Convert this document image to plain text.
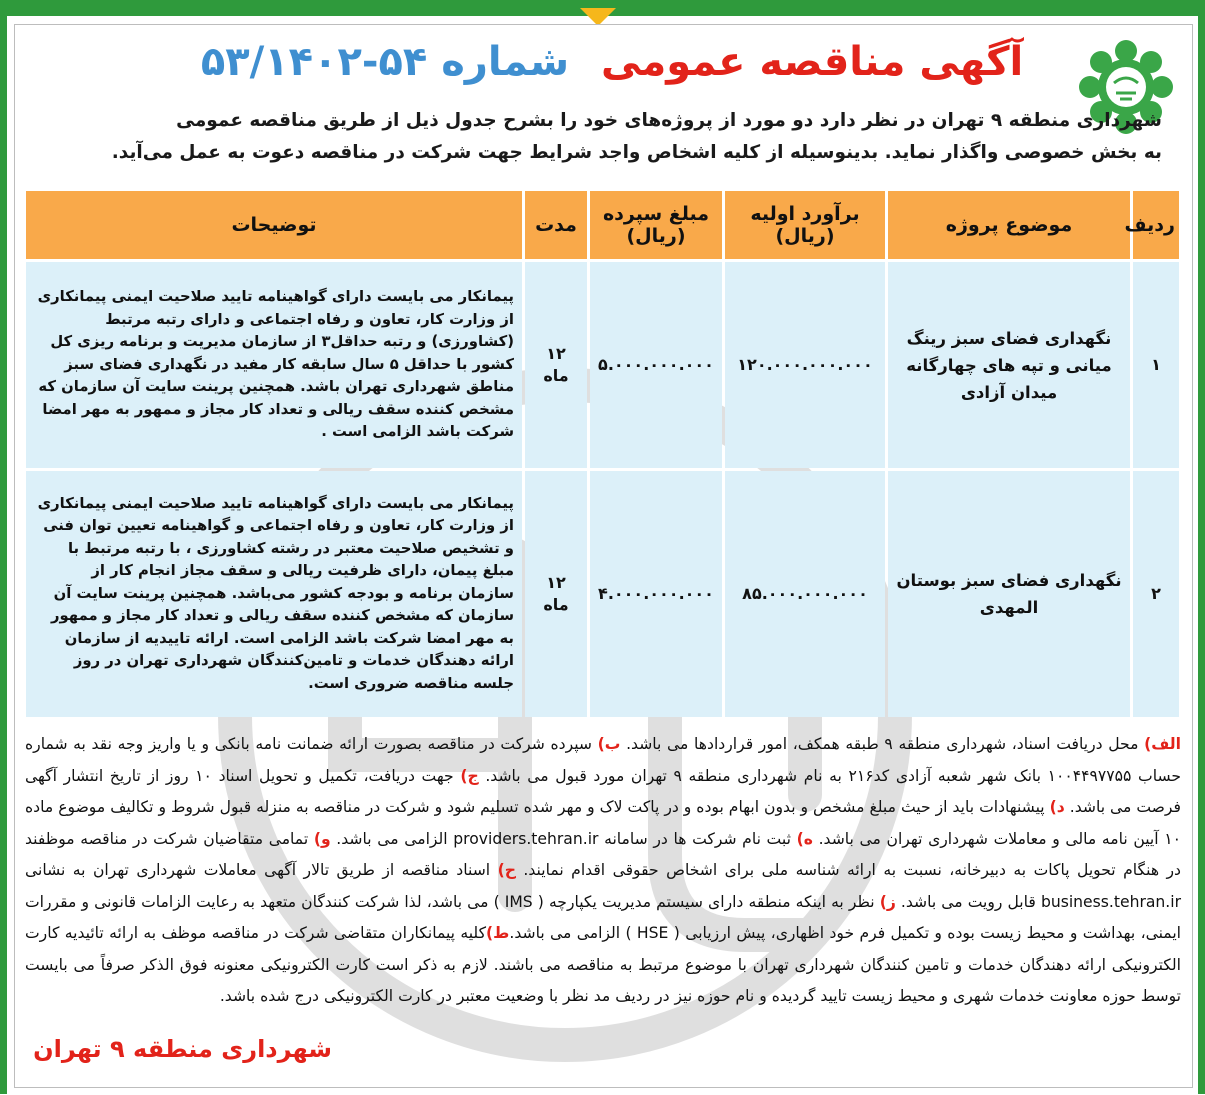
آگهی مناقصه عمومی شماره ۵۴-۵۳/۱۴۰۲
شهرداری منطقه ۹ تهران در نظر دارد دو مورد از پروژه‌های خود را بشرح جدول ذیل از طریق مناقصه عمومی
به بخش خصوصی واگذار نماید. بدینوسیله از کلیه اشخاص واجد شرایط جهت شرکت در مناقصه دعوت به عمل می‌آید.
ردیف	موضوع پروژه	برآورد اولیه (ریال)	مبلغ سپرده (ریال)	مدت	توضیحات
۱	نگهداری فضای سبز رینگ میانی و تپه های چهارگانه میدان آزادی	۱۲۰.۰۰۰.۰۰۰.۰۰۰	۵.۰۰۰.۰۰۰.۰۰۰	۱۲ ماه	پیمانکار می بایست دارای گواهینامه تایید صلاحیت ایمنی پیمانکاری از وزارت کار، تعاون و رفاه اجتماعی و دارای رتبه مرتبط (کشاورزی) و رتبه حداقل۳ از سازمان مدیریت و برنامه ریزی کل کشور با حداقل ۵ سال سابقه کار مفید در نگهداری فضای سبز مناطق شهرداری تهران باشد. همچنین پرینت سایت آن سازمان که مشخص کننده سقف ریالی و تعداد کار مجاز و ممهور به مهر امضا شرکت باشد الزامی است .
۲	نگهداری فضای سبز بوستان المهدی	۸۵.۰۰۰.۰۰۰.۰۰۰	۴.۰۰۰.۰۰۰.۰۰۰	۱۲ ماه	پیمانکار می بایست دارای گواهینامه تایید صلاحیت ایمنی پیمانکاری از وزارت کار، تعاون و رفاه اجتماعی و گواهینامه تعیین توان فنی و تشخیص صلاحیت معتبر در رشته کشاورزی ، با رتبه مرتبط با مبلغ پیمان، دارای ظرفیت ریالی و سقف مجاز انجام کار از سازمان برنامه و بودجه کشور می‌باشد. همچنین پرینت سایت آن سازمان که مشخص کننده سقف ریالی و تعداد کار مجاز و ممهور به مهر امضا شرکت باشد الزامی است. ارائه تاییدیه از سازمان ارائه دهندگان خدمات و تامین‌کنندگان شهرداری تهران در روز جلسه مناقصه ضروری است.
الف) محل دریافت اسناد، شهرداری منطقه ۹ طبقه همکف، امور قراردادها می باشد. ب) سپرده شرکت در مناقصه بصورت ارائه ضمانت نامه بانکی و یا واریز وجه نقد به شماره حساب ۱۰۰۴۴۹۷۷۵۵ بانک شهر شعبه آزادی کد۲۱۶ به نام شهرداری منطقه ۹ تهران مورد قبول می باشد. ج) جهت دریافت، تکمیل و تحویل اسناد ۱۰ روز از تاریخ انتشار آگهی فرصت می باشد. د) پیشنهادات باید از حیث مبلغ مشخص و بدون ابهام بوده و در پاکت لاک و مهر شده تسلیم شود و شرکت در مناقصه به منزله قبول شروط و تکالیف موضوع ماده ۱۰ آیین نامه مالی و معاملات شهرداری تهران می باشد. ه) ثبت نام شرکت ها در سامانه providers.tehran.ir الزامی می باشد. و) تمامی متقاضیان شرکت در مناقصه موظفند در هنگام تحویل پاکات به دبیرخانه، نسبت به ارائه شناسه ملی برای اشخاص حقوقی اقدام نمایند. ح) اسناد مناقصه از طریق تالار آگهی معاملات شهرداری تهران به نشانی business.tehran.ir قابل رویت می باشد. ز) نظر به اینکه منطقه دارای سیستم مدیریت یکپارچه ( IMS ) می باشد، لذا شرکت کنندگان متعهد به رعایت الزامات قانونی و مقررات ایمنی، بهداشت و محیط زیست بوده و تکمیل فرم خود اظهاری، پیش ارزیابی ( HSE ) الزامی می باشد.ط)کلیه پیمانکاران متقاضی شرکت در مناقصه موظف به ارائه تائیدیه کارت الکترونیکی ارائه دهندگان خدمات و تامین کنندگان شهرداری تهران با موضوع مرتبط به مناقصه می باشند. لازم به ذکر است کارت الکترونیکی معنونه فوق الذکر صرفاً می بایست توسط حوزه معاونت خدمات شهری و محیط زیست تایید گردیده و نام حوزه نیز در ردیف مد نظر با وضعیت معتبر در کارت الکترونیکی درج شده باشد.
شهرداری منطقه ۹ تهران
